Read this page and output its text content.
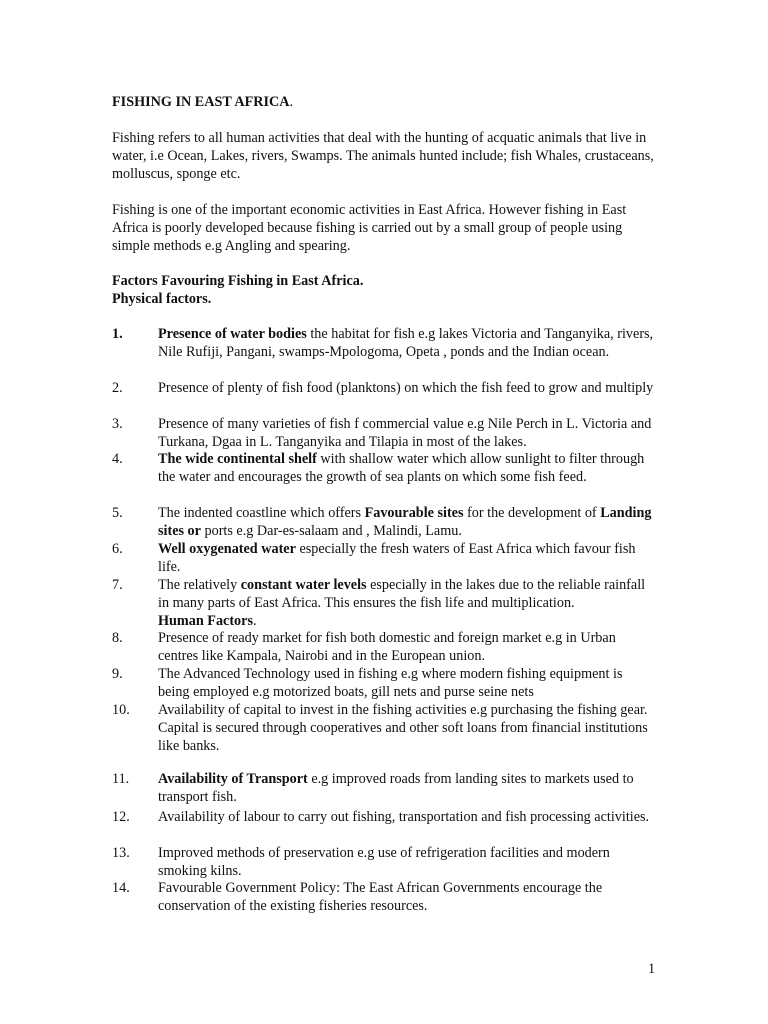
FISHING IN EAST AFRICA.

Fishing refers to all human activities that deal with the hunting of acquatic animals that live in water, i.e Ocean, Lakes, rivers, Swamps. The animals hunted include; fish Whales, crustaceans, molluscus, sponge etc.

Fishing is one of the important economic activities in East Africa. However fishing in East Africa is poorly developed because fishing is carried out by a small group of people using simple methods e.g Angling and spearing.

Factors Favouring Fishing in East Africa.

Physical factors.

1.	Presence of water bodies the habitat for fish e.g lakes Victoria and Tanganyika, rivers, Nile Rufiji, Pangani, swamps-Mpologoma, Opeta , ponds and the Indian ocean.
2.	Presence of plenty of fish food (planktons) on which the fish feed to grow and multiply
3.	Presence of many varieties of fish f commercial value e.g Nile Perch in L. Victoria and Turkana, Dgaa in L. Tanganyika and Tilapia in most of the lakes.
4.	The wide continental shelf with shallow water which allow sunlight to filter through the water and encourages the growth of sea plants on which some fish feed.
5.	The indented coastline which offers Favourable sites for the development of Landing sites or ports e.g Dar-es-salaam and , Malindi, Lamu.
6.	Well oxygenated water especially the fresh waters of East Africa which favour fish life.
7.	The relatively constant water levels especially in the lakes due to the reliable rainfall in many parts of East Africa. This ensures the fish life and multiplication.

Human Factors.

8.	Presence of ready market for fish both domestic and foreign market e.g in Urban centres like Kampala, Nairobi and in the European union.
9.	The Advanced Technology used in fishing e.g where modern fishing equipment is being employed e.g motorized boats, gill nets and purse seine nets
10.	Availability of capital to invest in the fishing activities e.g purchasing the fishing gear. Capital is secured through cooperatives and other soft loans from financial institutions like banks.
11.	Availability of Transport e.g improved roads from landing sites to markets used to transport fish.
12.	Availability of labour to carry out fishing, transportation and fish processing activities.
13.	Improved methods of preservation e.g use of refrigeration facilities and modern smoking kilns.
14.	Favourable Government Policy: The East African Governments encourage the conservation of the existing fisheries resources.
1
